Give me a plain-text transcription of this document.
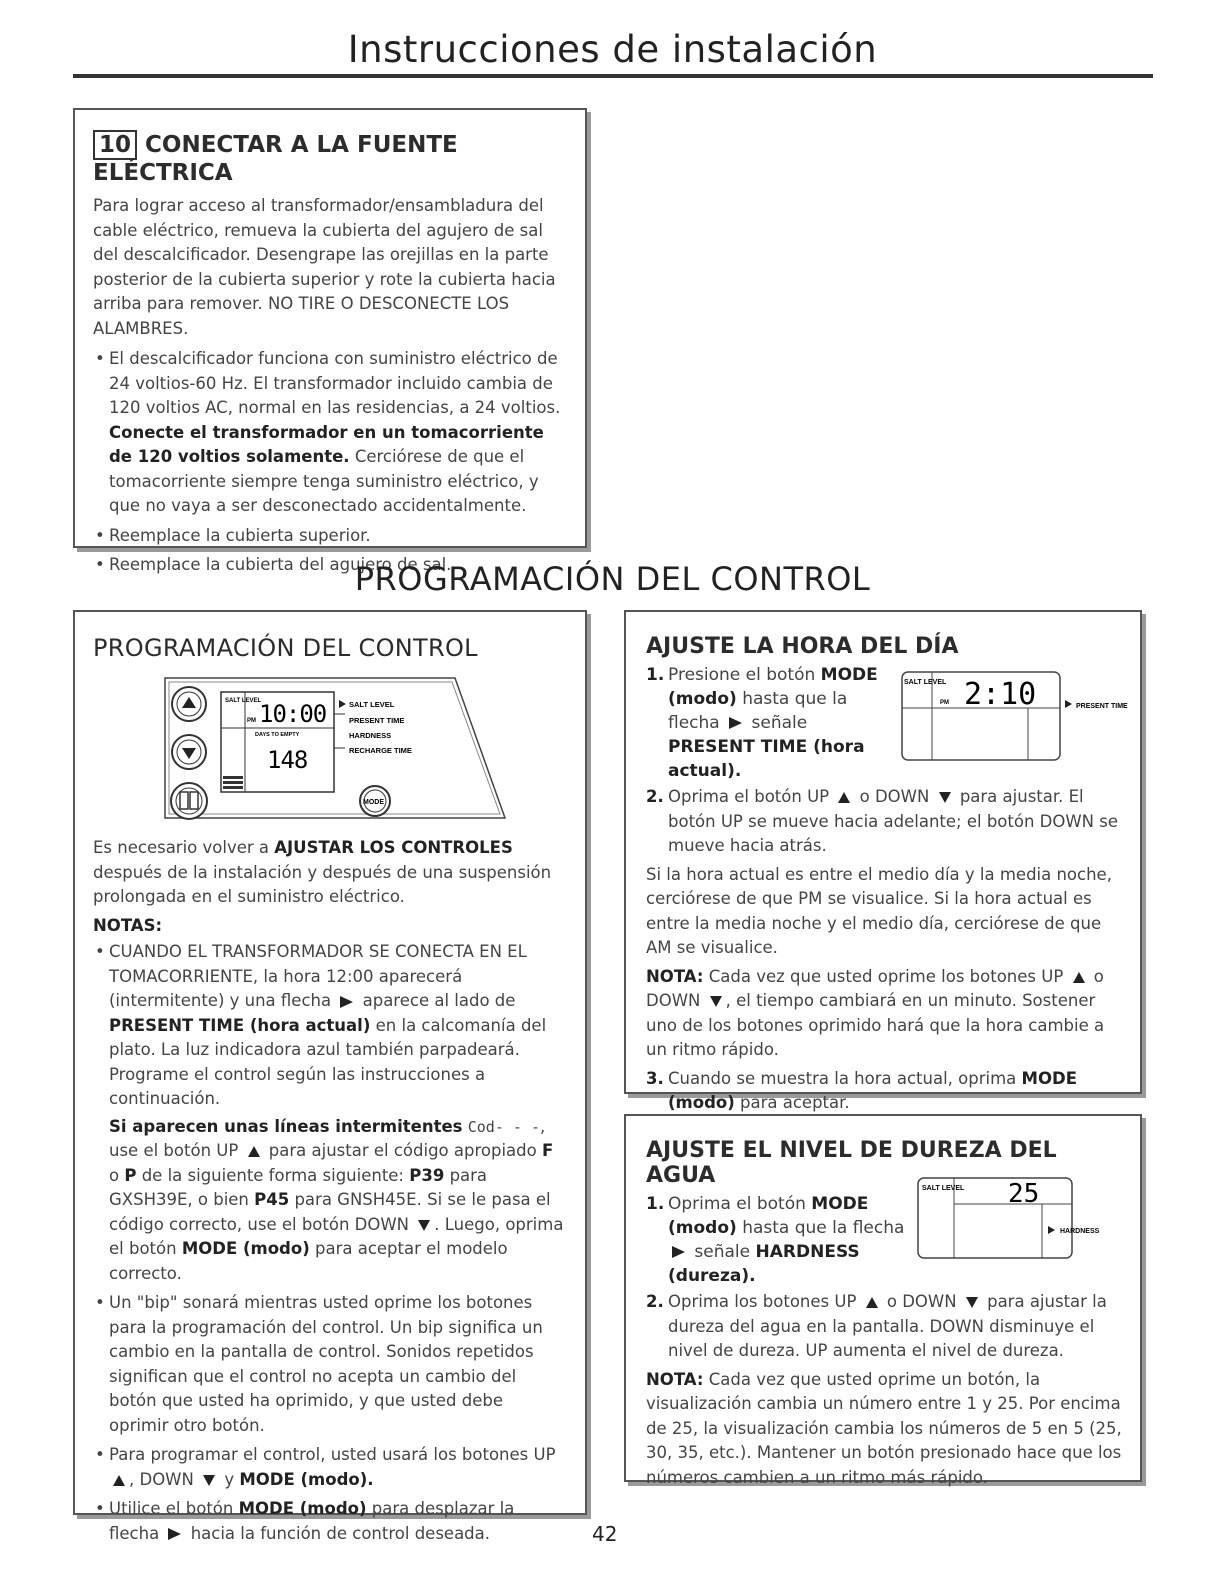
Instrucciones de instalación
10 CONECTAR A LA FUENTE ELÉCTRICA

Para lograr acceso al transformador/ensambladura del cable eléctrico, remueva la cubierta del agujero de sal del descalcificador. Desengrape las orejillas en la parte posterior de la cubierta superior y rote la cubierta hacia arriba para remover. NO TIRE O DESCONECTE LOS ALAMBRES.

• El descalcificador funciona con suministro eléctrico de 24 voltios-60 Hz. El transformador incluido cambia de 120 voltios AC, normal en las residencias, a 24 voltios. Conecte el transformador en un tomacorriente de 120 voltios solamente. Cerciórese de que el tomacorriente siempre tenga suministro eléctrico, y que no vaya a ser desconectado accidentalmente.
• Reemplace la cubierta superior.
• Reemplace la cubierta del agujero de sal.
PROGRAMACIÓN DEL CONTROL
PROGRAMACIÓN DEL CONTROL
SALT LEVEL
PM 10:00
DAYS TO EMPTY
148
SALT LEVEL
PRESENT TIME
HARDNESS
RECHARGE TIME
MODE

Es necesario volver a AJUSTAR LOS CONTROLES después de la instalación y después de una suspensión prolongada en el suministro eléctrico.

NOTAS:

• CUANDO EL TRANSFORMADOR SE CONECTA EN EL TOMACORRIENTE, la hora 12:00 aparecerá (intermitente) y una flecha aparece al lado de PRESENT TIME (hora actual) en la calcomanía del plato. La luz indicadora azul también parpadeará. Programe el control según las instrucciones a continuación.
Si aparecen unas líneas intermitentes Cod- - -, use el botón UP para ajustar el código apropiado F o P de la siguiente forma siguiente: P39 para GXSH39E, o bien P45 para GNSH45E. Si se le pasa el código correcto, use el botón DOWN . Luego, oprima el botón MODE (modo) para aceptar el modelo correcto.
• Un "bip" sonará mientras usted oprime los botones para la programación del control. Un bip significa un cambio en la pantalla de control. Sonidos repetidos significan que el control no acepta un cambio del botón que usted ha oprimido, y que usted debe oprimir otro botón.
• Para programar el control, usted usará los botones UP , DOWN y MODE (modo).
• Utilice el botón MODE (modo) para desplazar la flecha hacia la función de control deseada.
AJUSTE LA HORA DEL DÍA
SALT LEVEL
PM 2:10	PRESENT TIME
1. Presione el botón MODE (modo) hasta que la flecha señale PRESENT TIME (hora actual).
2. Oprima el botón UP o DOWN para ajustar. El botón UP se mueve hacia adelante; el botón DOWN se mueve hacia atrás.

Si la hora actual es entre el medio día y la media noche, cerciórese de que PM se visualice. Si la hora actual es entre la media noche y el medio día, cerciórese de que AM se visualice.

NOTA: Cada vez que usted oprime los botones UP o DOWN , el tiempo cambiará en un minuto. Sostener uno de los botones oprimido hará que la hora cambie a un ritmo rápido.

3. Cuando se muestra la hora actual, oprima MODE (modo) para aceptar.
AJUSTE EL NIVEL DE DUREZA DEL AGUA
SALT LEVEL 25
HARDNESS
1. Oprima el botón MODE (modo) hasta que la flecha  señale HARDNESS (dureza).
2. Oprima los botones UP o DOWN para ajustar la dureza del agua en la pantalla. DOWN disminuye el nivel de dureza. UP aumenta el nivel de dureza.

NOTA: Cada vez que usted oprime un botón, la visualización cambia un número entre 1 y 25. Por encima de 25, la visualización cambia los números de 5 en 5 (25, 30, 35, etc.). Mantener un botón presionado hace que los números cambien a un ritmo más rápido.

42
